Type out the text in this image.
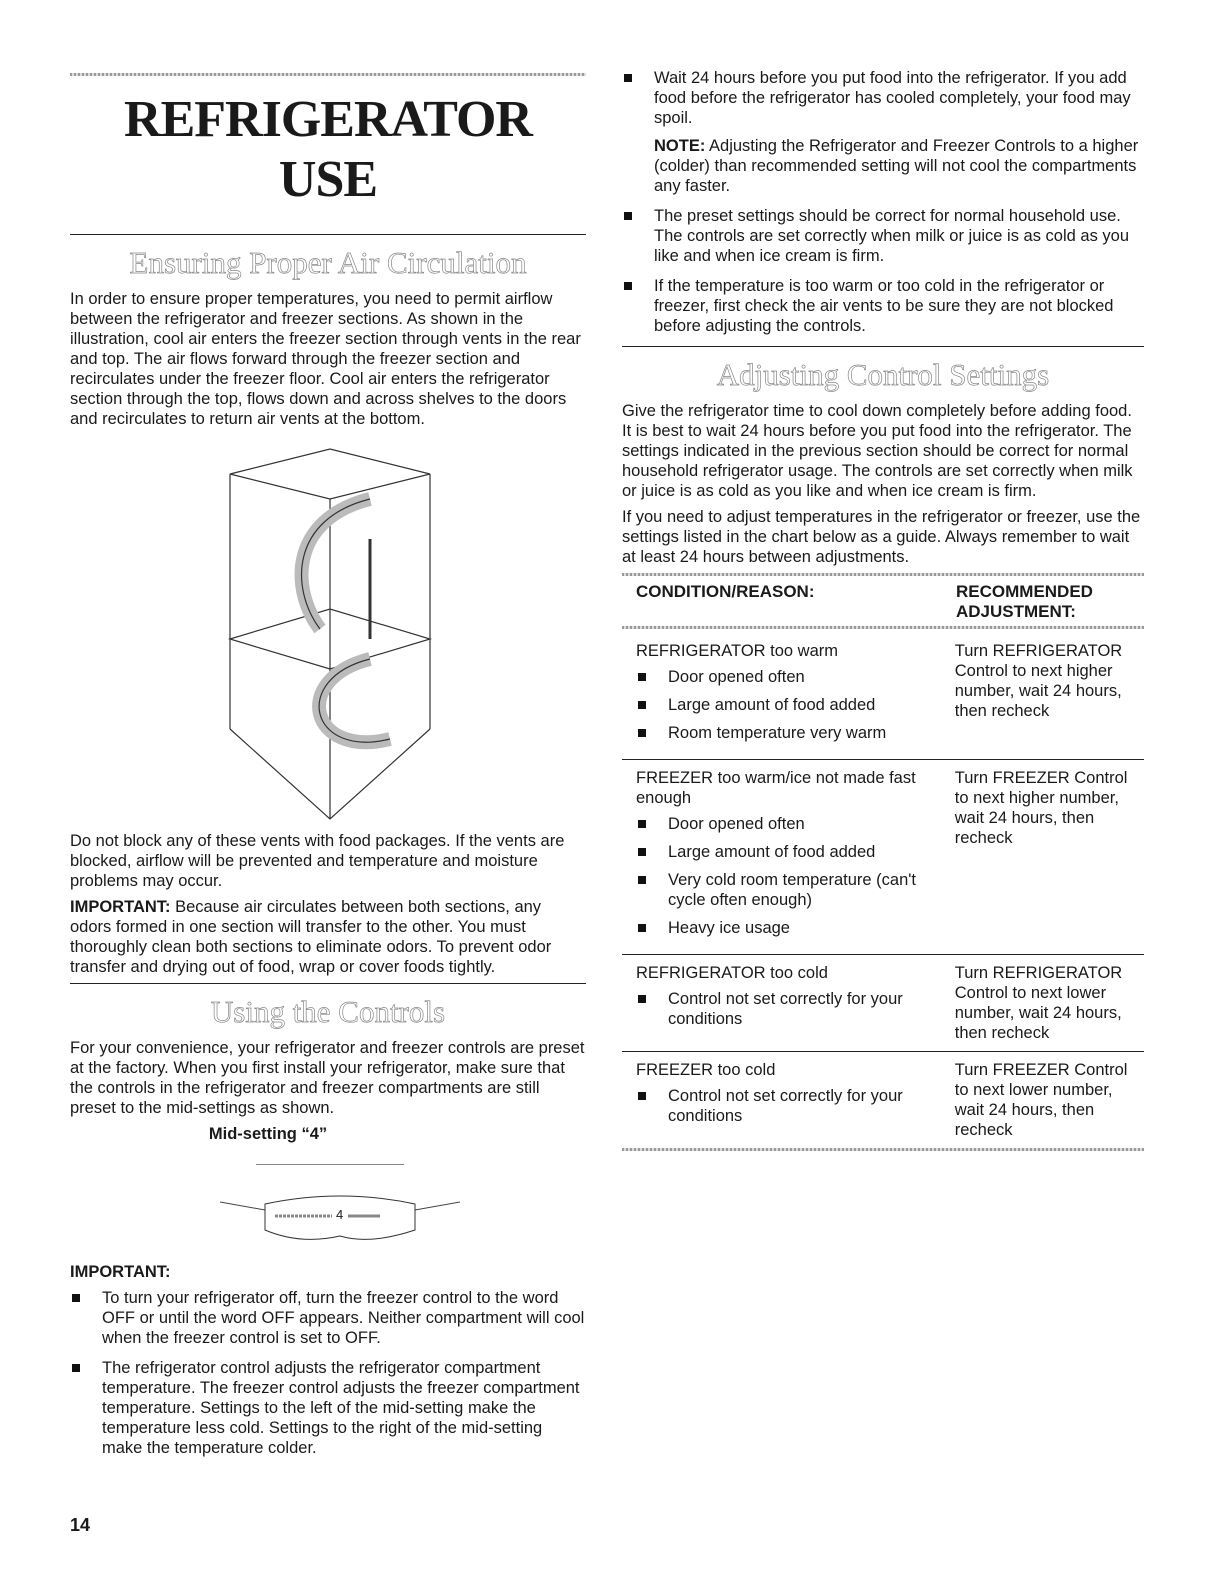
REFRIGERATOR USE
Ensuring Proper Air Circulation

In order to ensure proper temperatures, you need to permit airflow between the refrigerator and freezer sections. As shown in the illustration, cool air enters the freezer section through vents in the rear and top. The air flows forward through the freezer section and recirculates under the freezer floor. Cool air enters the refrigerator section through the top, flows down and across shelves to the doors and recirculates to return air vents at the bottom.

Do not block any of these vents with food packages. If the vents are blocked, airflow will be prevented and temperature and moisture problems may occur.

IMPORTANT: Because air circulates between both sections, any odors formed in one section will transfer to the other. You must thoroughly clean both sections to eliminate odors. To prevent odor transfer and drying out of food, wrap or cover foods tightly.

Using the Controls

For your convenience, your refrigerator and freezer controls are preset at the factory. When you first install your refrigerator, make sure that the controls in the refrigerator and freezer compartments are still preset to the mid-settings as shown.

Mid-setting “4”

4

IMPORTANT:

To turn your refrigerator off, turn the freezer control to the word OFF or until the word OFF appears. Neither compartment will cool when the freezer control is set to OFF.
The refrigerator control adjusts the refrigerator compartment temperature. The freezer control adjusts the freezer compartment temperature. Settings to the left of the mid-setting make the temperature less cold. Settings to the right of the mid-setting make the temperature colder.
14
Wait 24 hours before you put food into the refrigerator. If you add food before the refrigerator has cooled completely, your food may spoil.

NOTE: Adjusting the Refrigerator and Freezer Controls to a higher (colder) than recommended setting will not cool the compartments any faster.

The preset settings should be correct for normal household use. The controls are set correctly when milk or juice is as cold as you like and when ice cream is firm.
If the temperature is too warm or too cold in the refrigerator or freezer, first check the air vents to be sure they are not blocked before adjusting the controls.
Adjusting Control Settings

Give the refrigerator time to cool down completely before adding food. It is best to wait 24 hours before you put food into the refrigerator. The settings indicated in the previous section should be correct for normal household refrigerator usage. The controls are set correctly when milk or juice is as cold as you like and when ice cream is firm.

If you need to adjust temperatures in the refrigerator or freezer, use the settings listed in the chart below as a guide. Always remember to wait at least 24 hours between adjustments.

CONDITION/REASON:	RECOMMENDED ADJUSTMENT:

REFRIGERATOR too warm

Door opened often
Large amount of food added
Room temperature very warm
Turn REFRIGERATOR Control to next higher number, wait 24 hours, then recheck

FREEZER too warm/ice not made fast enough

Door opened often
Large amount of food added
Very cold room temperature (can't cycle often enough)
Heavy ice usage
Turn FREEZER Control to next higher number, wait 24 hours, then recheck

REFRIGERATOR too cold

Control not set correctly for your conditions
Turn REFRIGERATOR Control to next lower number, wait 24 hours, then recheck

FREEZER too cold

Control not set correctly for your conditions
Turn FREEZER Control to next lower number, wait 24 hours, then recheck
